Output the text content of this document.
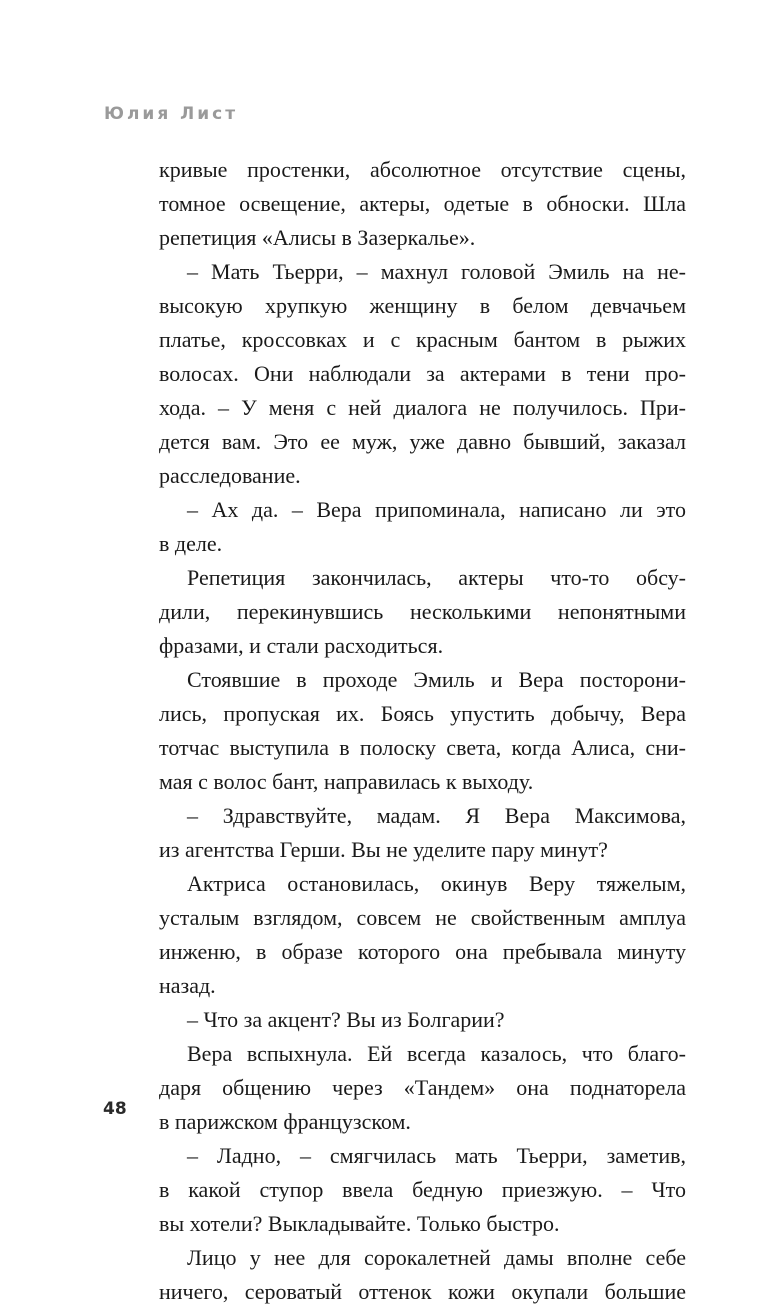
Юлия Лист
кривые простенки, абсолютное отсутствие сцены,
томное освещение, актеры, одетые в обноски. Шла
репетиция «Алисы в Зазеркалье».
– Мать Тьерри, – махнул головой Эмиль на не-
высокую хрупкую женщину в белом девчачьем
платье, кроссовках и с красным бантом в рыжих
волосах. Они наблюдали за актерами в тени про-
хода. – У меня с ней диалога не получилось. При-
дется вам. Это ее муж, уже давно бывший, заказал
расследование.
– Ах да. – Вера припоминала, написано ли это
в деле.
Репетиция закончилась, актеры что-то обсу-
дили, перекинувшись несколькими непонятными
фразами, и стали расходиться.
Стоявшие в проходе Эмиль и Вера посторони-
лись, пропуская их. Боясь упустить добычу, Вера
тотчас выступила в полоску света, когда Алиса, сни-
мая с волос бант, направилась к выходу.
– Здравствуйте, мадам. Я Вера Максимова,
из агентства Герши. Вы не уделите пару минут?
Актриса остановилась, окинув Веру тяжелым,
усталым взглядом, совсем не свойственным амплуа
инженю, в образе которого она пребывала минуту
назад.
– Что за акцент? Вы из Болгарии?
Вера вспыхнула. Ей всегда казалось, что благо-
даря общению через «Тандем» она поднаторела
в парижском французском.
– Ладно, – смягчилась мать Тьерри, заметив,
в какой ступор ввела бедную приезжую. – Что
вы хотели? Выкладывайте. Только быстро.
Лицо у нее для сорокалетней дамы вполне себе
ничего, сероватый оттенок кожи окупали большие
48
